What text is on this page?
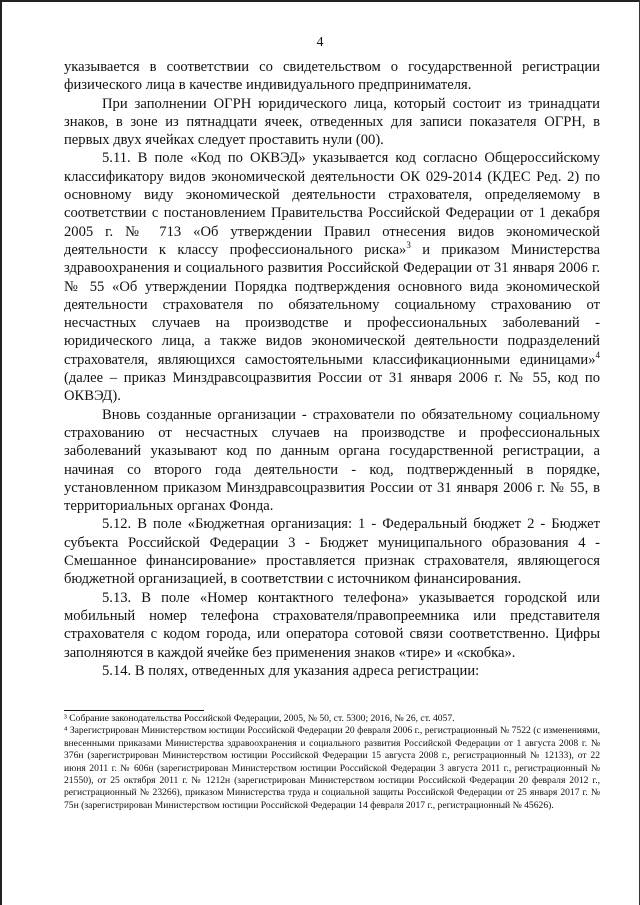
4

указывается в соответствии со свидетельством о государственной регистрации физического лица в качестве индивидуального предпринимателя.

При заполнении ОГРН юридического лица, который состоит из тринадцати знаков, в зоне из пятнадцати ячеек, отведенных для записи показателя ОГРН, в первых двух ячейках следует проставить нули (00).

5.11. В поле «Код по ОКВЭД» указывается код согласно Общероссийскому классификатору видов экономической деятельности ОК 029-2014 (КДЕС Ред. 2) по основному виду экономической деятельности страхователя, определяемому в соответствии с постановлением Правительства Российской Федерации от 1 декабря 2005 г. № 713 «Об утверждении Правил отнесения видов экономической деятельности к классу профессионального риска»$^3$ и приказом Министерства здравоохранения и социального развития Российской Федерации от 31 января 2006 г. № 55 «Об утверждении Порядка подтверждения основного вида экономической деятельности страхователя по обязательному социальному страхованию от несчастных случаев на производстве и профессиональных заболеваний - юридического лица, а также видов экономической деятельности подразделений страхователя, являющихся самостоятельными классификационными единицами»$^4$ (далее – приказ Минздравсоцразвития России от 31 января 2006 г. № 55, код по ОКВЭД).

Вновь созданные организации - страхователи по обязательному социальному страхованию от несчастных случаев на производстве и профессиональных заболеваний указывают код по данным органа государственной регистрации, а начиная со второго года деятельности - код, подтвержденный в порядке, установленном приказом Минздравсоцразвития России от 31 января 2006 г. № 55, в территориальных органах Фонда.

5.12. В поле «Бюджетная организация: 1 - Федеральный бюджет 2 - Бюджет субъекта Российской Федерации 3 - Бюджет муниципального образования 4 - Смешанное финансирование» проставляется признак страхователя, являющегося бюджетной организацией, в соответствии с источником финансирования.

5.13. В поле «Номер контактного телефона» указывается городской или мобильный номер телефона страхователя/правопреемника или представителя страхователя с кодом города, или оператора сотовой связи соответственно. Цифры заполняются в каждой ячейке без применения знаков «тире» и «скобка».

5.14. В полях, отведенных для указания адреса регистрации:

³ Собрание законодательства Российской Федерации, 2005, № 50, ст. 5300; 2016, № 26, ст. 4057.

⁴ Зарегистрирован Министерством юстиции Российской Федерации 20 февраля 2006 г., регистрационный № 7522 (с изменениями, внесенными приказами Министерства здравоохранения и социального развития Российской Федерации от 1 августа 2008 г. № 376н (зарегистрирован Министерством юстиции Российской Федерации 15 августа 2008 г., регистрационный № 12133), от 22 июня 2011 г. № 606н (зарегистрирован Министерством юстиции Российской Федерации 3 августа 2011 г., регистрационный № 21550), от 25 октября 2011 г. № 1212н (зарегистрирован Министерством юстиции Российской Федерации 20 февраля 2012 г., регистрационный № 23266), приказом Министерства труда и социальной защиты Российской Федерации от 25 января 2017 г. № 75н (зарегистрирован Министерством юстиции Российской Федерации 14 февраля 2017 г., регистрационный № 45626).
